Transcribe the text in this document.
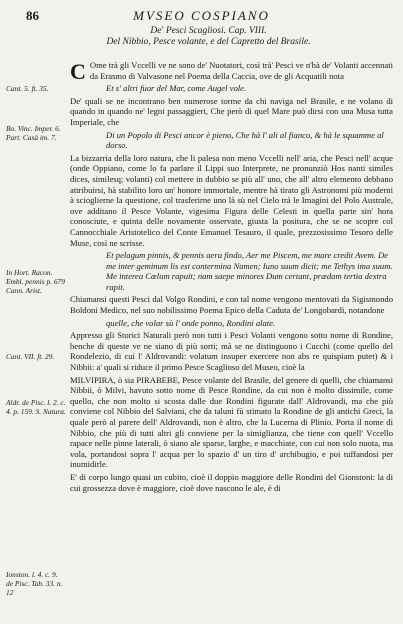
86	MVSEO COSPIANO
De' Pesci Scagliosi. Cap. VIII.
Del Nibbio, Pesce volante, e del Capretto del Brasile.
Cant. 5. ft. 35.
Bo. Vinc. Imper. 6. Part. Casà im. 7.
In Hort. Racon. Embl. pennis p. 679 Cann. Arist.
Cant. VII. ft. 29.
Aldr. de Pisc. l. 2. c. 4. p. 159. S. Natura.
Ionston. l. 4. c. 9. de Pisc. Tab. 33. n. 12

C Ome trà gli Vccelli ve ne sono de' Nuotatori, così trà' Pesci ve n'hà de' Volanti accennati da Erasmo di Valvasone nel Poema della Caccia, ove de gli Acquatili nota

Et s' altri fuor del Mar, come Augel vole.

De' quali se ne incontrano ben numerose torme da chi naviga nel Brasile, e ne volano di quando in quando ne' legni passaggieri, Che però di quel Mare può dirsi con una Musa tutta Imperiale, che

Di un Popolo di Pesci ancor è pieno, Che hà l' ali al fianco, & hà le squamme al dorso.

La bizzarria della loro natura, che li palesa non meno Vccelli nell' aria, che Pesci nell' acque (onde Oppiano, come lo fa parlare il Lippi suo Interprete, ne pronunziò Hos nanti similes dices, similesq; volanti) col mettere in dubbio se più all' uno, che all' altro elemento debbano attribuirsi, hà stabilito loro un' honore immortale, mentre hà tirato gli Astronomi più moderni à scioglierne la questione, col trasferirne uno là sù nel Cielo trà le Imagini del Polo Australe, ove additano il Pesce Volante, vigesima Figura delle Celesti in quella parte sin' hora conosciute, e quinta delle novamente osservate, giusta la positura, che se ne scopre col Cannocchiale Aristotelico del Conte Emanuel Tesauro, il quale, prezzosissimo Tesoro delle Muse, così ne scrisse.

Et pelagum pinnis, & pennis aera findo, Aer me Piscem, me mare credit Avem. De me inter geminum lis est contermina Numen; Iuno suum dicit; me Tethys ima suum. Me interea Cœlum rapuit; nam saepe minores Dum certant, prædam tertia dextra rapit.

Chiamansi questi Pesci dal Volgo Rondini, e con tal nome vengono mentovati da Sigismondo Boldoni Medico, nel suo nobilissimo Poema Epico della Caduta de' Longobardi, notandone

quelle, che volar sù l' onde ponno, Rondini alate.

Appresso gli Storici Naturali però non tutti i Pesci Volanti vengono sotto nome di Rondine, benche di queste ve ne siano di più sorti; mà se ne distinguono i Cucchi (come quello del Rondelezio, di cui l' Aldrovandi: volatum insuper exercere non abs re quispiam putet) & i Nibbii: a' quali si riduce il primo Pesce Scaglioso del Museo, cioè la

MILVIPIRA, ò sia PIRABEBE, Pesce volante del Brasile, del genere di quelli, che chiamansi Nibbii, ò Milvi, havuto sotto nome di Pesce Rondine, da cui non è molto dissimile, come quello, che non molto si scosta dalle due Rondini figurate dall' Aldrovandi, ma che più conviene col Nibbio del Salviani, che da taluni fù stimato la Rondine de gli antichi Greci, la quale però al parere dell' Aldrovandi, non è altro, che la Lucerna di Plinio. Porta il nome di Nibbio, che più di tutti altri gli conviene per la simiglianza, che tiene con quell' Vccello rapace nelle pinne laterali, ò siano ale sparse, larghe, e macchiate, con cui non solo nuota, ma vola, portandosi sopra l' acqua per lo spazio d' un tiro d' archibugio, e poi tuffandosi per inumidirle.

E' di corpo lungo quasi un cubito, cioè il doppio maggiore delle Rondini del Gionstoni: la di cui grossezza dove è maggiore, cioè dove nascono le ale, è di
